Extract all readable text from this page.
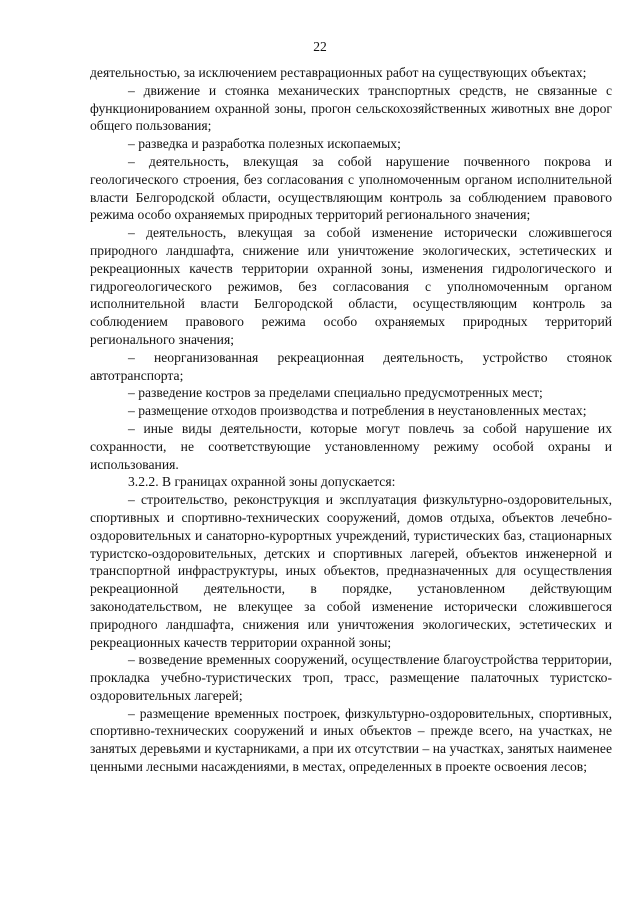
22

деятельностью, за исключением реставрационных работ на существующих объектах;

– движение и стоянка механических транспортных средств, не связанные с функционированием охранной зоны, прогон сельскохозяйственных животных вне дорог общего пользования;

– разведка и разработка полезных ископаемых;

– деятельность, влекущая за собой нарушение почвенного покрова и геологического строения, без согласования с уполномоченным органом исполнительной власти Белгородской области, осуществляющим контроль за соблюдением правового режима особо охраняемых природных территорий регионального значения;

– деятельность, влекущая за собой изменение исторически сложившегося природного ландшафта, снижение или уничтожение экологических, эстетических и рекреационных качеств территории охранной зоны, изменения гидрологического и гидрогеологического режимов, без согласования с уполномоченным органом исполнительной власти Белгородской области, осуществляющим контроль за соблюдением правового режима особо охраняемых природных территорий регионального значения;

– неорганизованная рекреационная деятельность, устройство стоянок автотранспорта;

– разведение костров за пределами специально предусмотренных мест;

– размещение отходов производства и потребления в неустановленных местах;

– иные виды деятельности, которые могут повлечь за собой нарушение их сохранности, не соответствующие установленному режиму особой охраны и использования.

3.2.2. В границах охранной зоны допускается:

– строительство, реконструкция и эксплуатация физкультурно-оздоровительных, спортивных и спортивно-технических сооружений, домов отдыха, объектов лечебно-оздоровительных и санаторно-курортных учреждений, туристических баз, стационарных туристско-оздоровительных, детских и спортивных лагерей, объектов инженерной и транспортной инфраструктуры, иных объектов, предназначенных для осуществления рекреационной деятельности, в порядке, установленном действующим законодательством, не влекущее за собой изменение исторически сложившегося природного ландшафта, снижения или уничтожения экологических, эстетических и рекреационных качеств территории охранной зоны;

– возведение временных сооружений, осуществление благоустройства территории, прокладка учебно-туристических троп, трасс, размещение палаточных туристско-оздоровительных лагерей;

– размещение временных построек, физкультурно-оздоровительных, спортивных, спортивно-технических сооружений и иных объектов – прежде всего, на участках, не занятых деревьями и кустарниками, а при их отсутствии – на участках, занятых наименее ценными лесными насаждениями, в местах, определенных в проекте освоения лесов;
